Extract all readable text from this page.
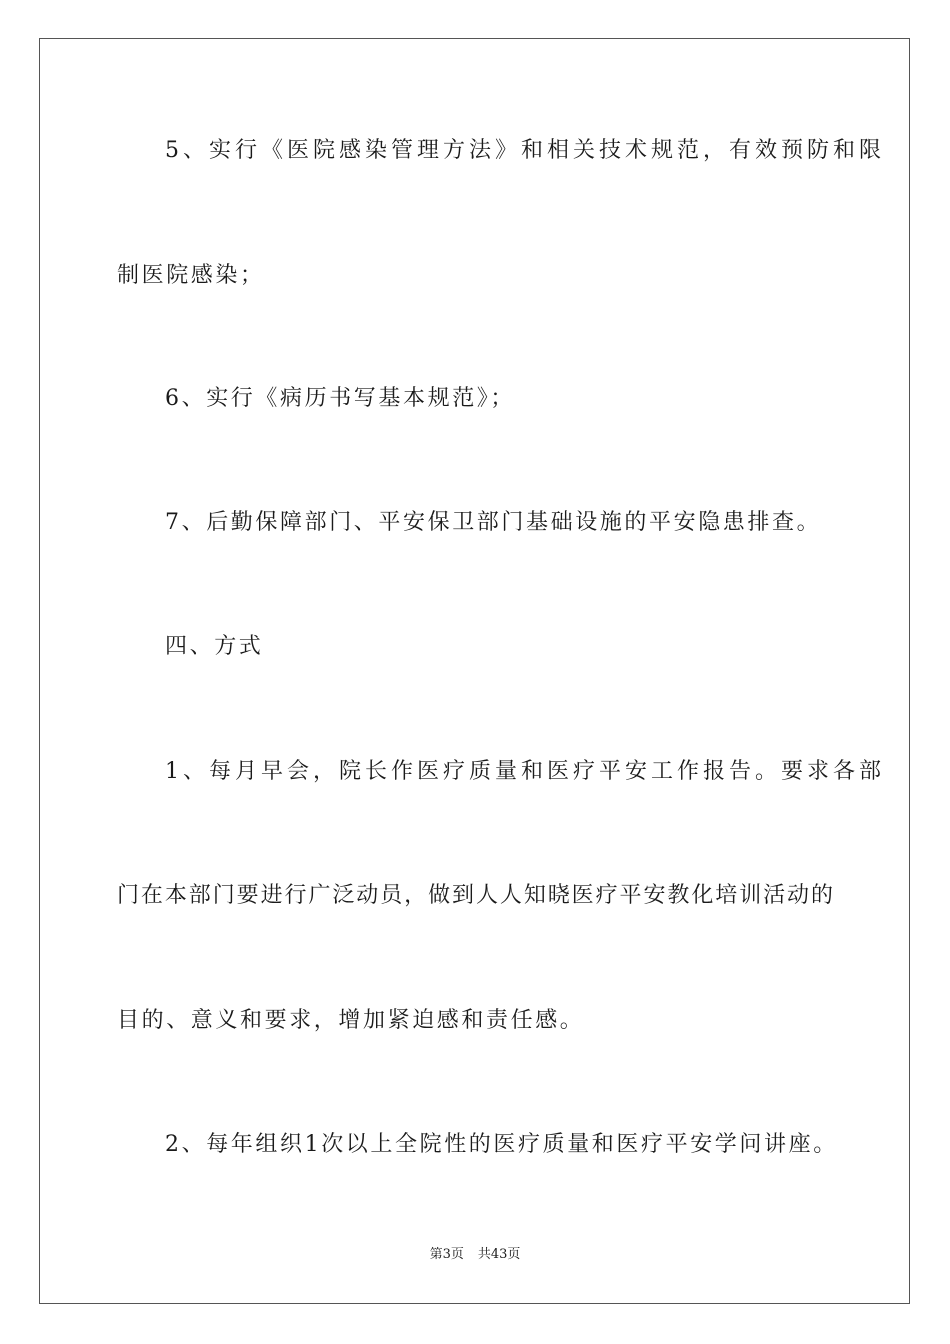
5、实行《医院感染管理方法》和相关技术规范，有效预防和限
制医院感染；
6、实行《病历书写基本规范》；
7、后勤保障部门、平安保卫部门基础设施的平安隐患排查。
四、方式
1、每月早会，院长作医疗质量和医疗平安工作报告。要求各部
门在本部门要进行广泛动员，做到人人知晓医疗平安教化培训活动的
目的、意义和要求，增加紧迫感和责任感。
2、每年组织1次以上全院性的医疗质量和医疗平安学问讲座。
第3页 共43页
